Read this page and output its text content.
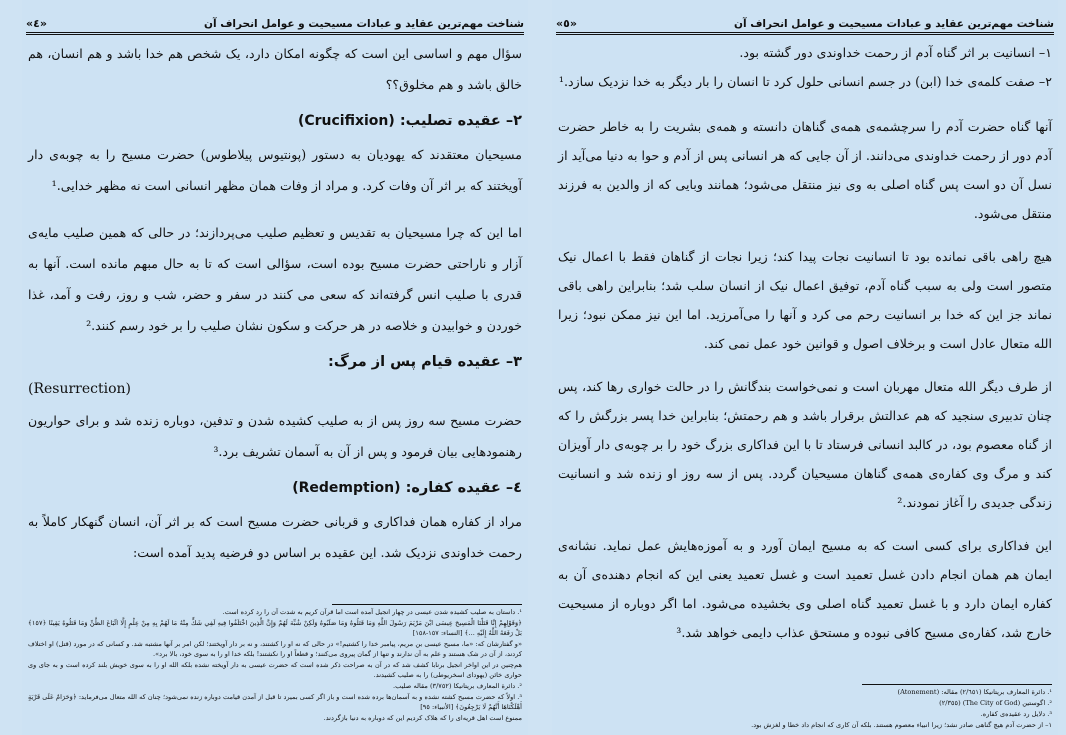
شناخت مهم‌ترین عقاید و عبادات مسیحیت و عوامل انحراف آن
«٤»

سؤال مهم و اساسی این است که چگونه امکان دارد، یک شخص هم خدا باشد و هم انسان، هم خالق باشد و هم مخلوق؟؟

٢– عقیده تصلیب: (Crucifixion)

مسیحیان معتقدند که یهودیان به دستور (پونتیوس پیلاطوس) حضرت مسیح را به چوبه‌ی دار آویختند که بر اثر آن وفات کرد. و مراد از وفات همان مظهر انسانی است نه مظهر خدایی.¹

اما این که چرا مسیحیان به تقدیس و تعظیم صلیب می‌پردازند؛ در حالی که همین صلیب مایه‌ی آزار و ناراحتی حضرت مسیح بوده است، سؤالی است که تا به حال مبهم مانده است. آنها به قدری با صلیب انس گرفته‌اند که سعی می کنند در سفر و حضر، شب و روز، رفت و آمد، غذا خوردن و خوابیدن و خلاصه در هر حرکت و سکون نشان صلیب را بر خود رسم کنند.²

٣– عقیده قیام پس از مرگ:
(Resurrection)

حضرت مسیح سه روز پس از به صلیب کشیده شدن و تدفین، دوباره زنده شد و برای حواریون رهنمودهایی بیان فرمود و پس از آن به آسمان تشریف برد.³

٤– عقیده کفاره: (Redemption)

مراد از کفاره همان فداکاری و قربانی حضرت مسیح است که بر اثر آن، انسان گنهکار کاملاً به رحمت خداوندی نزدیک شد. این عقیده بر اساس دو فرضیه پدید آمده است:

¹. داستان به صلیب کشیده شدن عیسی در چهار انجیل آمده است اما قرآن کریم به شدت آن را رد کرده است.
﴿وَقَوْلِهِمْ إِنَّا قَتَلْنَا الْمَسِيحَ عِيسَى ابْنَ مَرْيَمَ رَسُولَ اللَّهِ وَمَا قَتَلُوهُ وَمَا صَلَبُوهُ وَلَكِنْ شُبِّهَ لَهُمْ وَإِنَّ الَّذِينَ اخْتَلَفُوا فِيهِ لَفِي شَكٍّ مِنْهُ مَا لَهُمْ بِهِ مِنْ عِلْمٍ إِلَّا اتِّبَاعَ الظَّنِّ وَمَا قَتَلُوهُ يَقِينًا ﴿١٥٧﴾ بَلْ رَفَعَهُ اللَّهُ إِلَيْهِ ...﴾ [النساء: ١٥٧-١٥٨]
«و گفتارشان که: «ما، مسیح عیسی بن مریم، پیامبر خدا را کشتیم!» در حالی که نه او را کشتند، و نه بر دار آویختند؛ لکن امر بر آنها مشتبه شد. و کسانی که در مورد (قتل) او اختلاف کردند، از آن در شک هستند و علم به آن ندارند و تنها از گمان پیروی می‌کنند؛ و قطعاً او را نکشتند! بلکه خدا او را به سوی خود، بالا برد».
هم‌چنین در این اواخر انجیل برنابا کشف شد که در آن به صراحت ذکر شده است که حضرت عیسی به دار آویخته نشده بلکه الله او را به سوی خویش بلند کرده است و به جای وی حواری خائن (یهودای اسخریوطی) را به صلیب کشیدند.
². دائرة المعارف بریتانیکا (٣/٧٥٢) مقاله صلیب.
³. اولاً که حضرت مسیح کشته نشده و به آسمان‌ها برده شده است و باز اگر کسی بمیرد تا قبل از آمدن قیامت دوباره زنده نمی‌شود؛ چنان که الله متعال می‌فرماید: ﴿وَحَرَامٌ عَلَى قَرْيَةٍ أَهْلَكْنَاهَا أَنَّهُمْ لَا يَرْجِعُونَ﴾ [الأنبياء: ٩٥]
ممنوع است اهل قریه‌ای را که هلاک کردیم این که دوباره به دنیا بازگردند.
شناخت مهم‌ترین عقاید و عبادات مسیحیت و عوامل انحراف آن
«٥»

١– انسانیت بر اثر گناه آدم از رحمت خداوندی دور گشته بود.

٢– صفت کلمه‌ی خدا (ابن) در جسم انسانی حلول کرد تا انسان را بار دیگر به خدا نزدیک سازد.¹

آنها گناه حضرت آدم را سرچشمه‌ی همه‌ی گناهان دانسته و همه‌ی بشریت را به خاطر حضرت آدم دور از رحمت خداوندی می‌دانند. از آن جایی که هر انسانی پس از آدم و حوا به دنیا می‌آید از نسل آن دو است پس گناه اصلی به وی نیز منتقل می‌شود؛ همانند وبایی که از والدین به فرزند منتقل می‌شود.

هیچ راهی باقی نمانده بود تا انسانیت نجات پیدا کند؛ زیرا نجات از گناهان فقط با اعمال نیک متصور است ولی به سبب گناه آدم، توفیق اعمال نیک از انسان سلب شد؛ بنابراین راهی باقی نماند جز این که خدا بر انسانیت رحم می کرد و آنها را می‌آمرزید. اما این نیز ممکن نبود؛ زیرا الله متعال عادل است و برخلاف اصول و قوانین خود عمل نمی کند.

از طرف دیگر الله متعال مهربان است و نمی‌خواست بندگانش را در حالت خواری رها کند، پس چنان تدبیری سنجید که هم عدالتش برقرار باشد و هم رحمتش؛ بنابراین خدا پسر بزرگش را که از گناه معصوم بود، در کالبد انسانی فرستاد تا با این فداکاری بزرگ خود را بر چوبه‌ی دار آویزان کند و مرگ وی کفاره‌ی همه‌ی گناهان مسیحیان گردد. پس از سه روز او زنده شد و انسانیت زندگی جدیدی را آغاز نمودند.²

این فداکاری برای کسی است که به مسیح ایمان آورد و به آموزه‌هایش عمل نماید. نشانه‌ی ایمان هم همان انجام دادن غسل تعمید است و غسل تعمید یعنی این که انجام دهنده‌ی آن به کفاره ایمان دارد و با غسل تعمید گناه اصلی وی بخشیده می‌شود. اما اگر دوباره از مسیحیت خارج شد، کفاره‌ی مسیح کافی نبوده و مستحق عذاب دایمی خواهد شد.³

¹. دائرة المعارف بریتانیکا (٢/٦٥١) مقاله: (Atonement)
². اگوستین (The City of God) (٢/٣٥٥)
³. دلایل رد عقیده‌ی کفاره.
١– از حضرت آدم هیچ گناهی صادر نشد؛ زیرا انبیاء معصوم هستند. بلکه آن کاری که انجام داد خطا و لغزش بود.
